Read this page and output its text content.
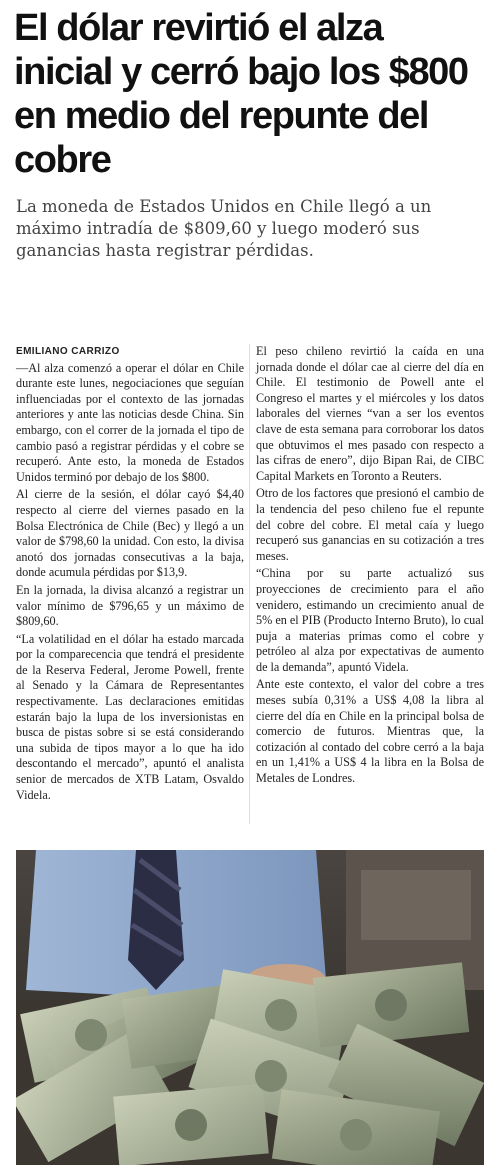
El dólar revirtió el alza inicial y cerró bajo los $800 en medio del repunte del cobre

La moneda de Estados Unidos en Chile llegó a un máximo intradía de $809,60 y luego moderó sus ganancias hasta registrar pérdidas.

EMILIANO CARRIZO

—Al alza comenzó a operar el dólar en Chile durante este lunes, negociaciones que seguían influenciadas por el contexto de las jornadas anteriores y ante las noticias desde China. Sin embargo, con el correr de la jornada el tipo de cambio pasó a registrar pérdidas y el cobre se recuperó. Ante esto, la moneda de Estados Unidos terminó por debajo de los $800.

Al cierre de la sesión, el dólar cayó $4,40 respecto al cierre del viernes pasado en la Bolsa Electrónica de Chile (Bec) y llegó a un valor de $798,60 la unidad. Con esto, la divisa anotó dos jornadas consecutivas a la baja, donde acumula pérdidas por $13,9.

En la jornada, la divisa alcanzó a registrar un valor mínimo de $796,65 y un máximo de $809,60.

“La volatilidad en el dólar ha estado marcada por la comparecencia que tendrá el presidente de la Reserva Federal, Jerome Powell, frente al Senado y la Cámara de Representantes respectivamente. Las declaraciones emitidas estarán bajo la lupa de los inversionistas en busca de pistas sobre si se está considerando una subida de tipos mayor a lo que ha ido descontando el mercado”, apuntó el analista senior de mercados de XTB Latam, Osvaldo Videla.

El peso chileno revirtió la caída en una jornada donde el dólar cae al cierre del día en Chile. El testimonio de Powell ante el Congreso el martes y el miércoles y los datos laborales del viernes “van a ser los eventos clave de esta semana para corroborar los datos que obtuvimos el mes pasado con respecto a las cifras de enero”, dijo Bipan Rai, de CIBC Capital Markets en Toronto a Reuters.

Otro de los factores que presionó el cambio de la tendencia del peso chileno fue el repunte del cobre del cobre. El metal caía y luego recuperó sus ganancias en su cotización a tres meses.

“China por su parte actualizó sus proyecciones de crecimiento para el año venidero, estimando un crecimiento anual de 5% en el PIB (Producto Interno Bruto), lo cual puja a materias primas como el cobre y petróleo al alza por expectativas de aumento de la demanda”, apuntó Videla.

Ante este contexto, el valor del cobre a tres meses subía 0,31% a US$ 4,08 la libra al cierre del día en Chile en la principal bolsa de comercio de futuros. Mientras que, la cotización al contado del cobre cerró a la baja en un 1,41% a US$ 4 la libra en la Bolsa de Metales de Londres.
